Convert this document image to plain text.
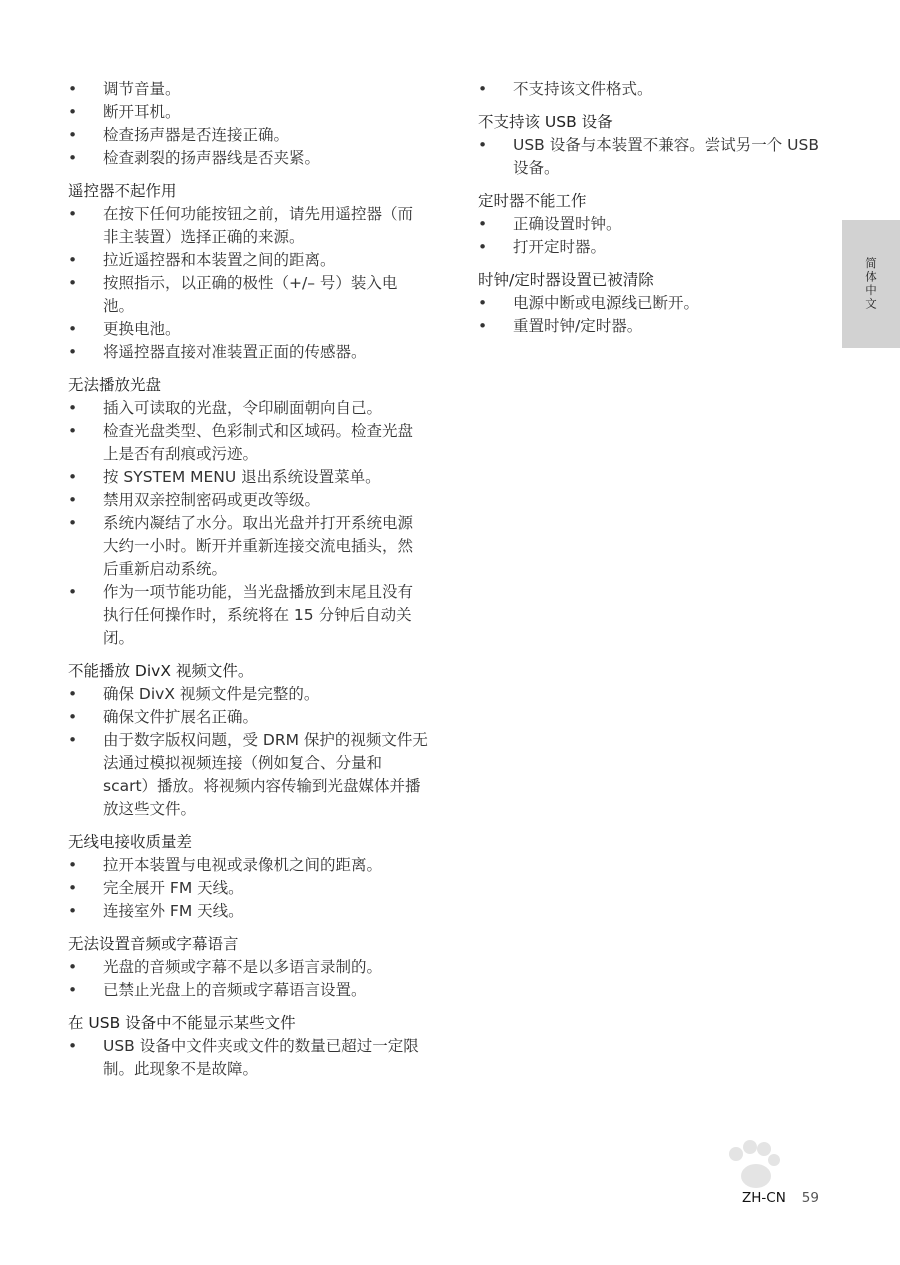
• 调节音量。
• 断开耳机。
• 检查扬声器是否连接正确。
• 检查剥裂的扬声器线是否夹紧。
遥控器不起作用
• 在按下任何功能按钮之前，请先用遥控器（而非主装置）选择正确的来源。
• 拉近遥控器和本装置之间的距离。
• 按照指示，以正确的极性（+/– 号）装入电池。
• 更换电池。
• 将遥控器直接对准装置正面的传感器。
无法播放光盘
• 插入可读取的光盘，令印刷面朝向自己。
• 检查光盘类型、色彩制式和区域码。检查光盘上是否有刮痕或污迹。
• 按 SYSTEM MENU 退出系统设置菜单。
• 禁用双亲控制密码或更改等级。
• 系统内凝结了水分。取出光盘并打开系统电源大约一小时。断开并重新连接交流电插头，然后重新启动系统。
• 作为一项节能功能，当光盘播放到末尾且没有执行任何操作时，系统将在 15 分钟后自动关闭。
不能播放 DivX 视频文件。
• 确保 DivX 视频文件是完整的。
• 确保文件扩展名正确。
• 由于数字版权问题，受 DRM 保护的视频文件无法通过模拟视频连接（例如复合、分量和 scart）播放。将视频内容传输到光盘媒体并播放这些文件。
无线电接收质量差
• 拉开本装置与电视或录像机之间的距离。
• 完全展开 FM 天线。
• 连接室外 FM 天线。
无法设置音频或字幕语言
• 光盘的音频或字幕不是以多语言录制的。
• 已禁止光盘上的音频或字幕语言设置。
在 USB 设备中不能显示某些文件
• USB 设备中文件夹或文件的数量已超过一定限制。此现象不是故障。
• 不支持该文件格式。
不支持该 USB 设备
• USB 设备与本装置不兼容。尝试另一个 USB 设备。
定时器不能工作
• 正确设置时钟。
• 打开定时器。
时钟/定时器设置已被清除
• 电源中断或电源线已断开。
• 重置时钟/定时器。
简体中文
ZH-CN 59
